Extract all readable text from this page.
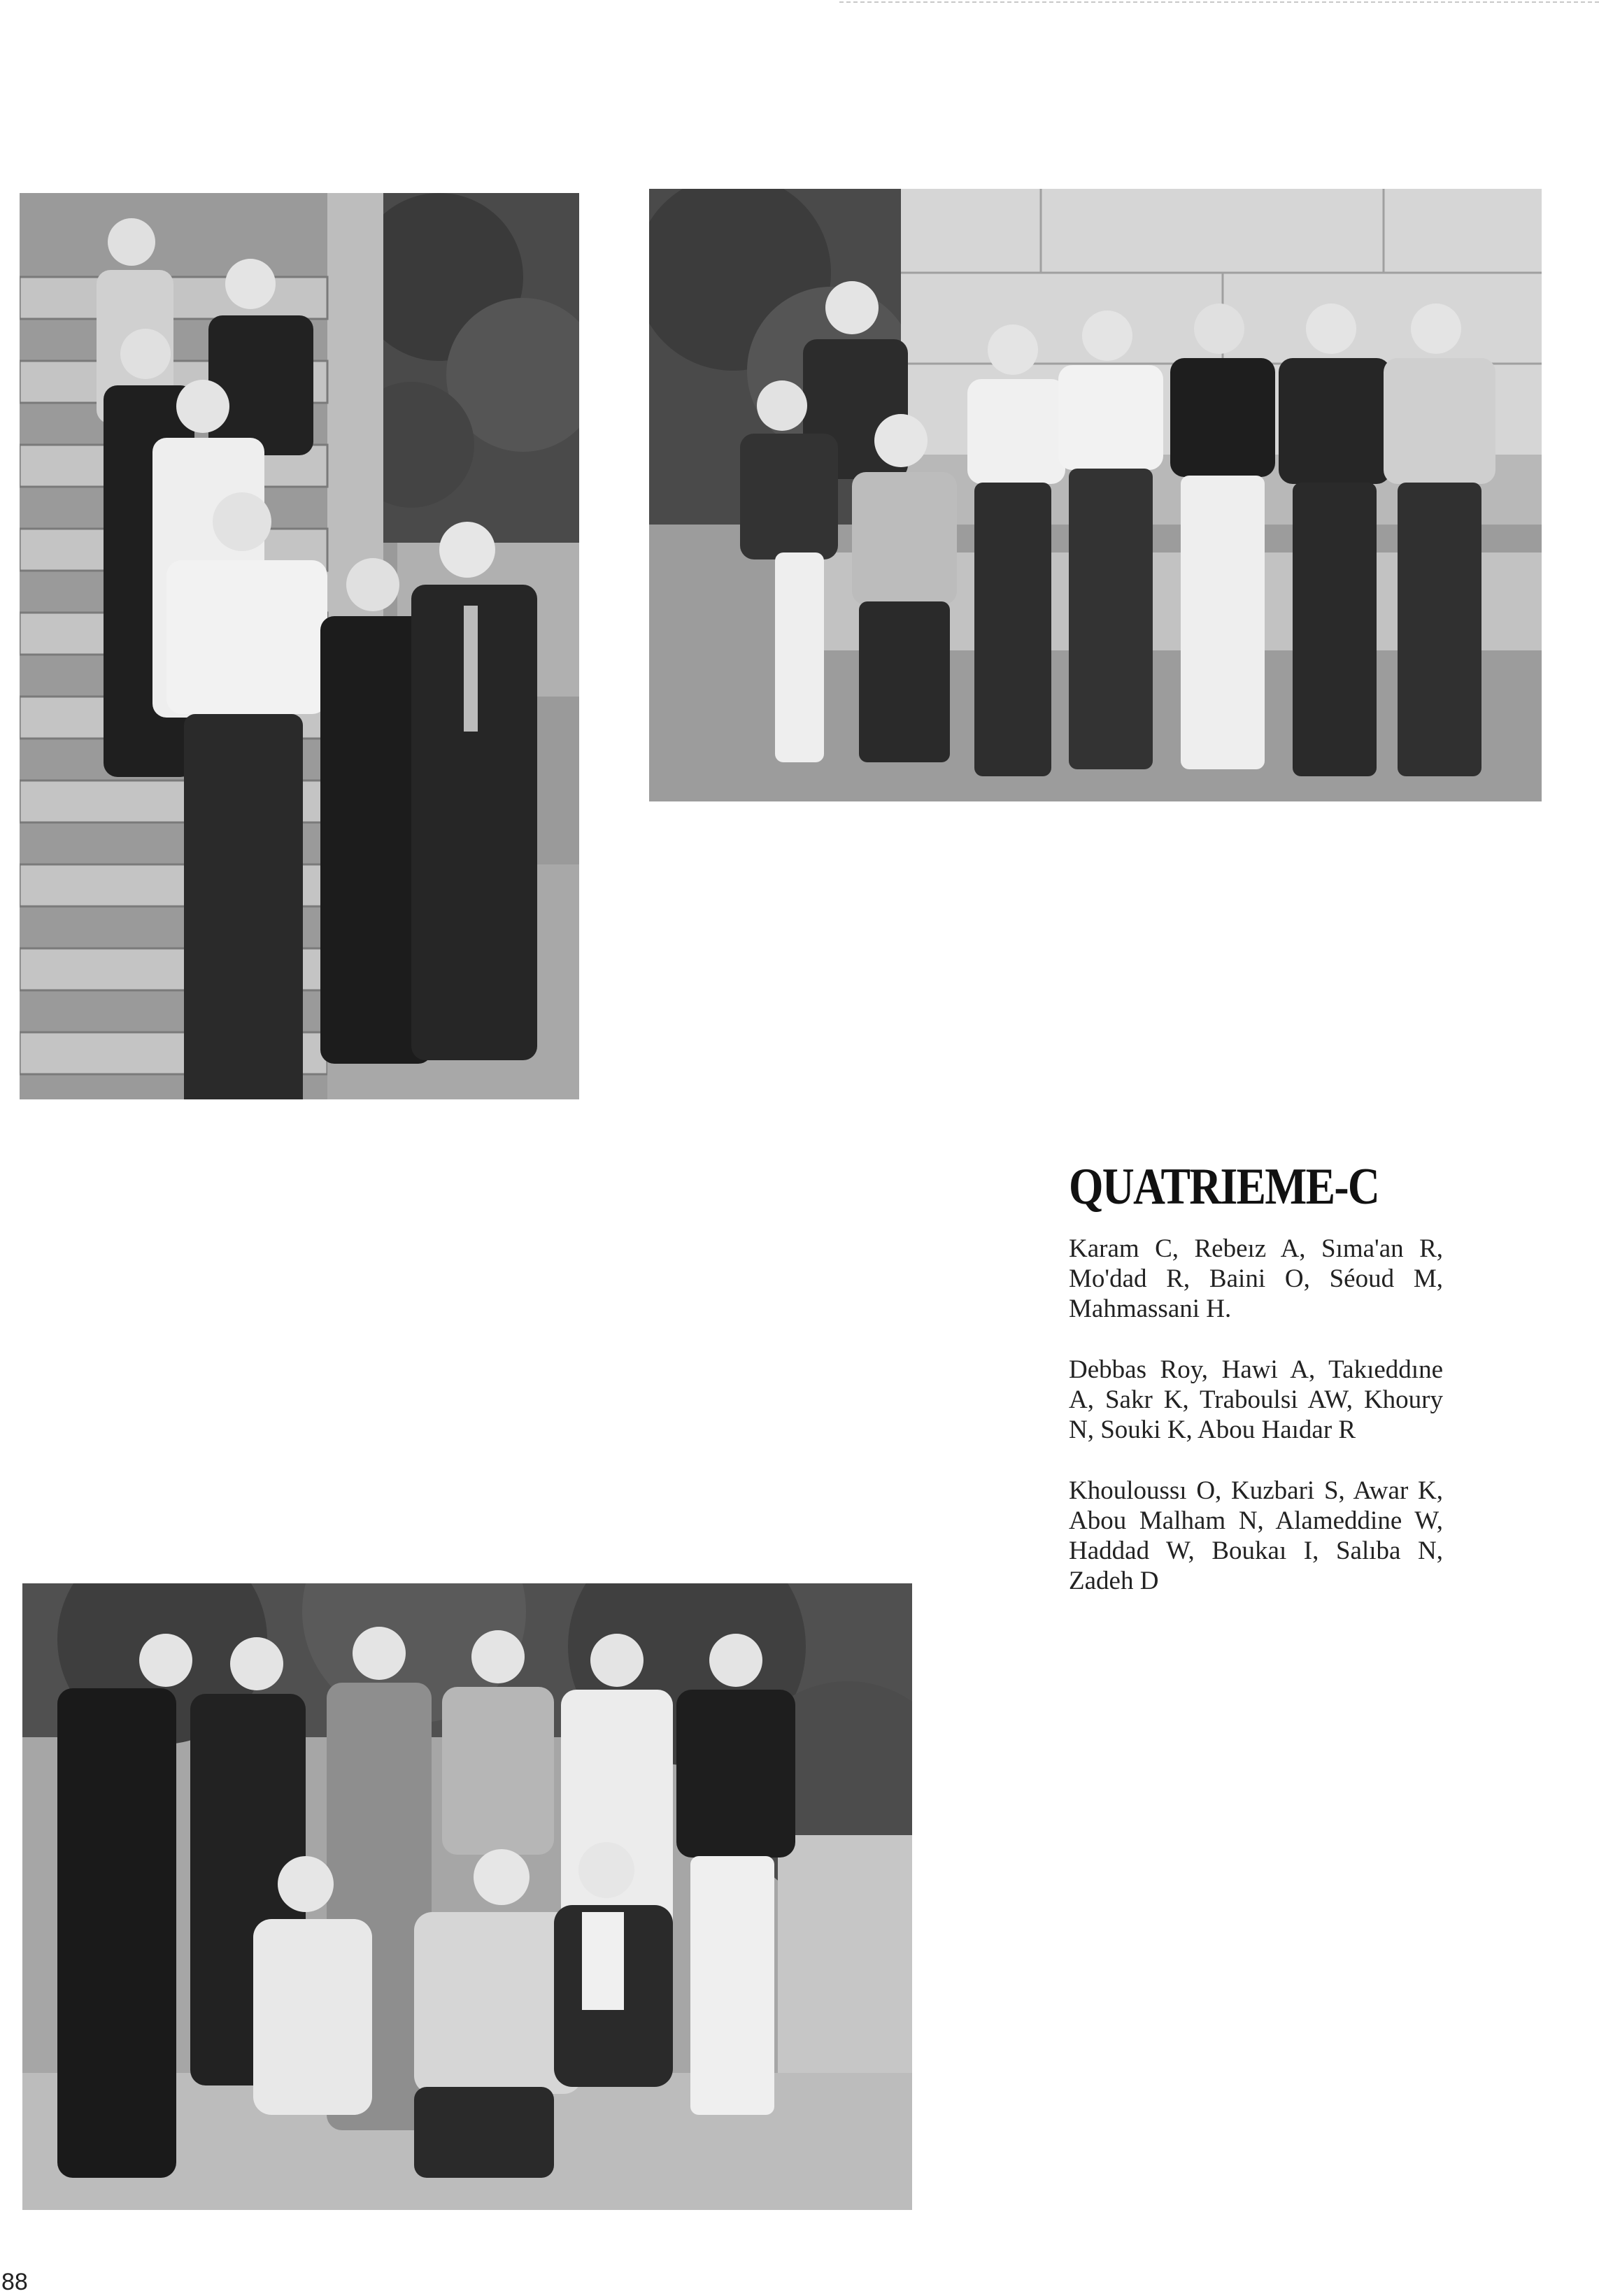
QUATRIEME-C

Karam C, Rebeız A, Sıma'an R, Mo'dad R, Baini O, Séoud M, Mahmassani H.

Debbas Roy, Hawi A, Takıeddıne A, Sakr K, Traboulsi AW, Khoury N, Souki K, Abou Haıdar R

Khouloussı O, Kuzbari S, Awar K, Abou Malham N, Alameddine W, Haddad W, Boukaı I, Salıba N, Zadeh D

88
